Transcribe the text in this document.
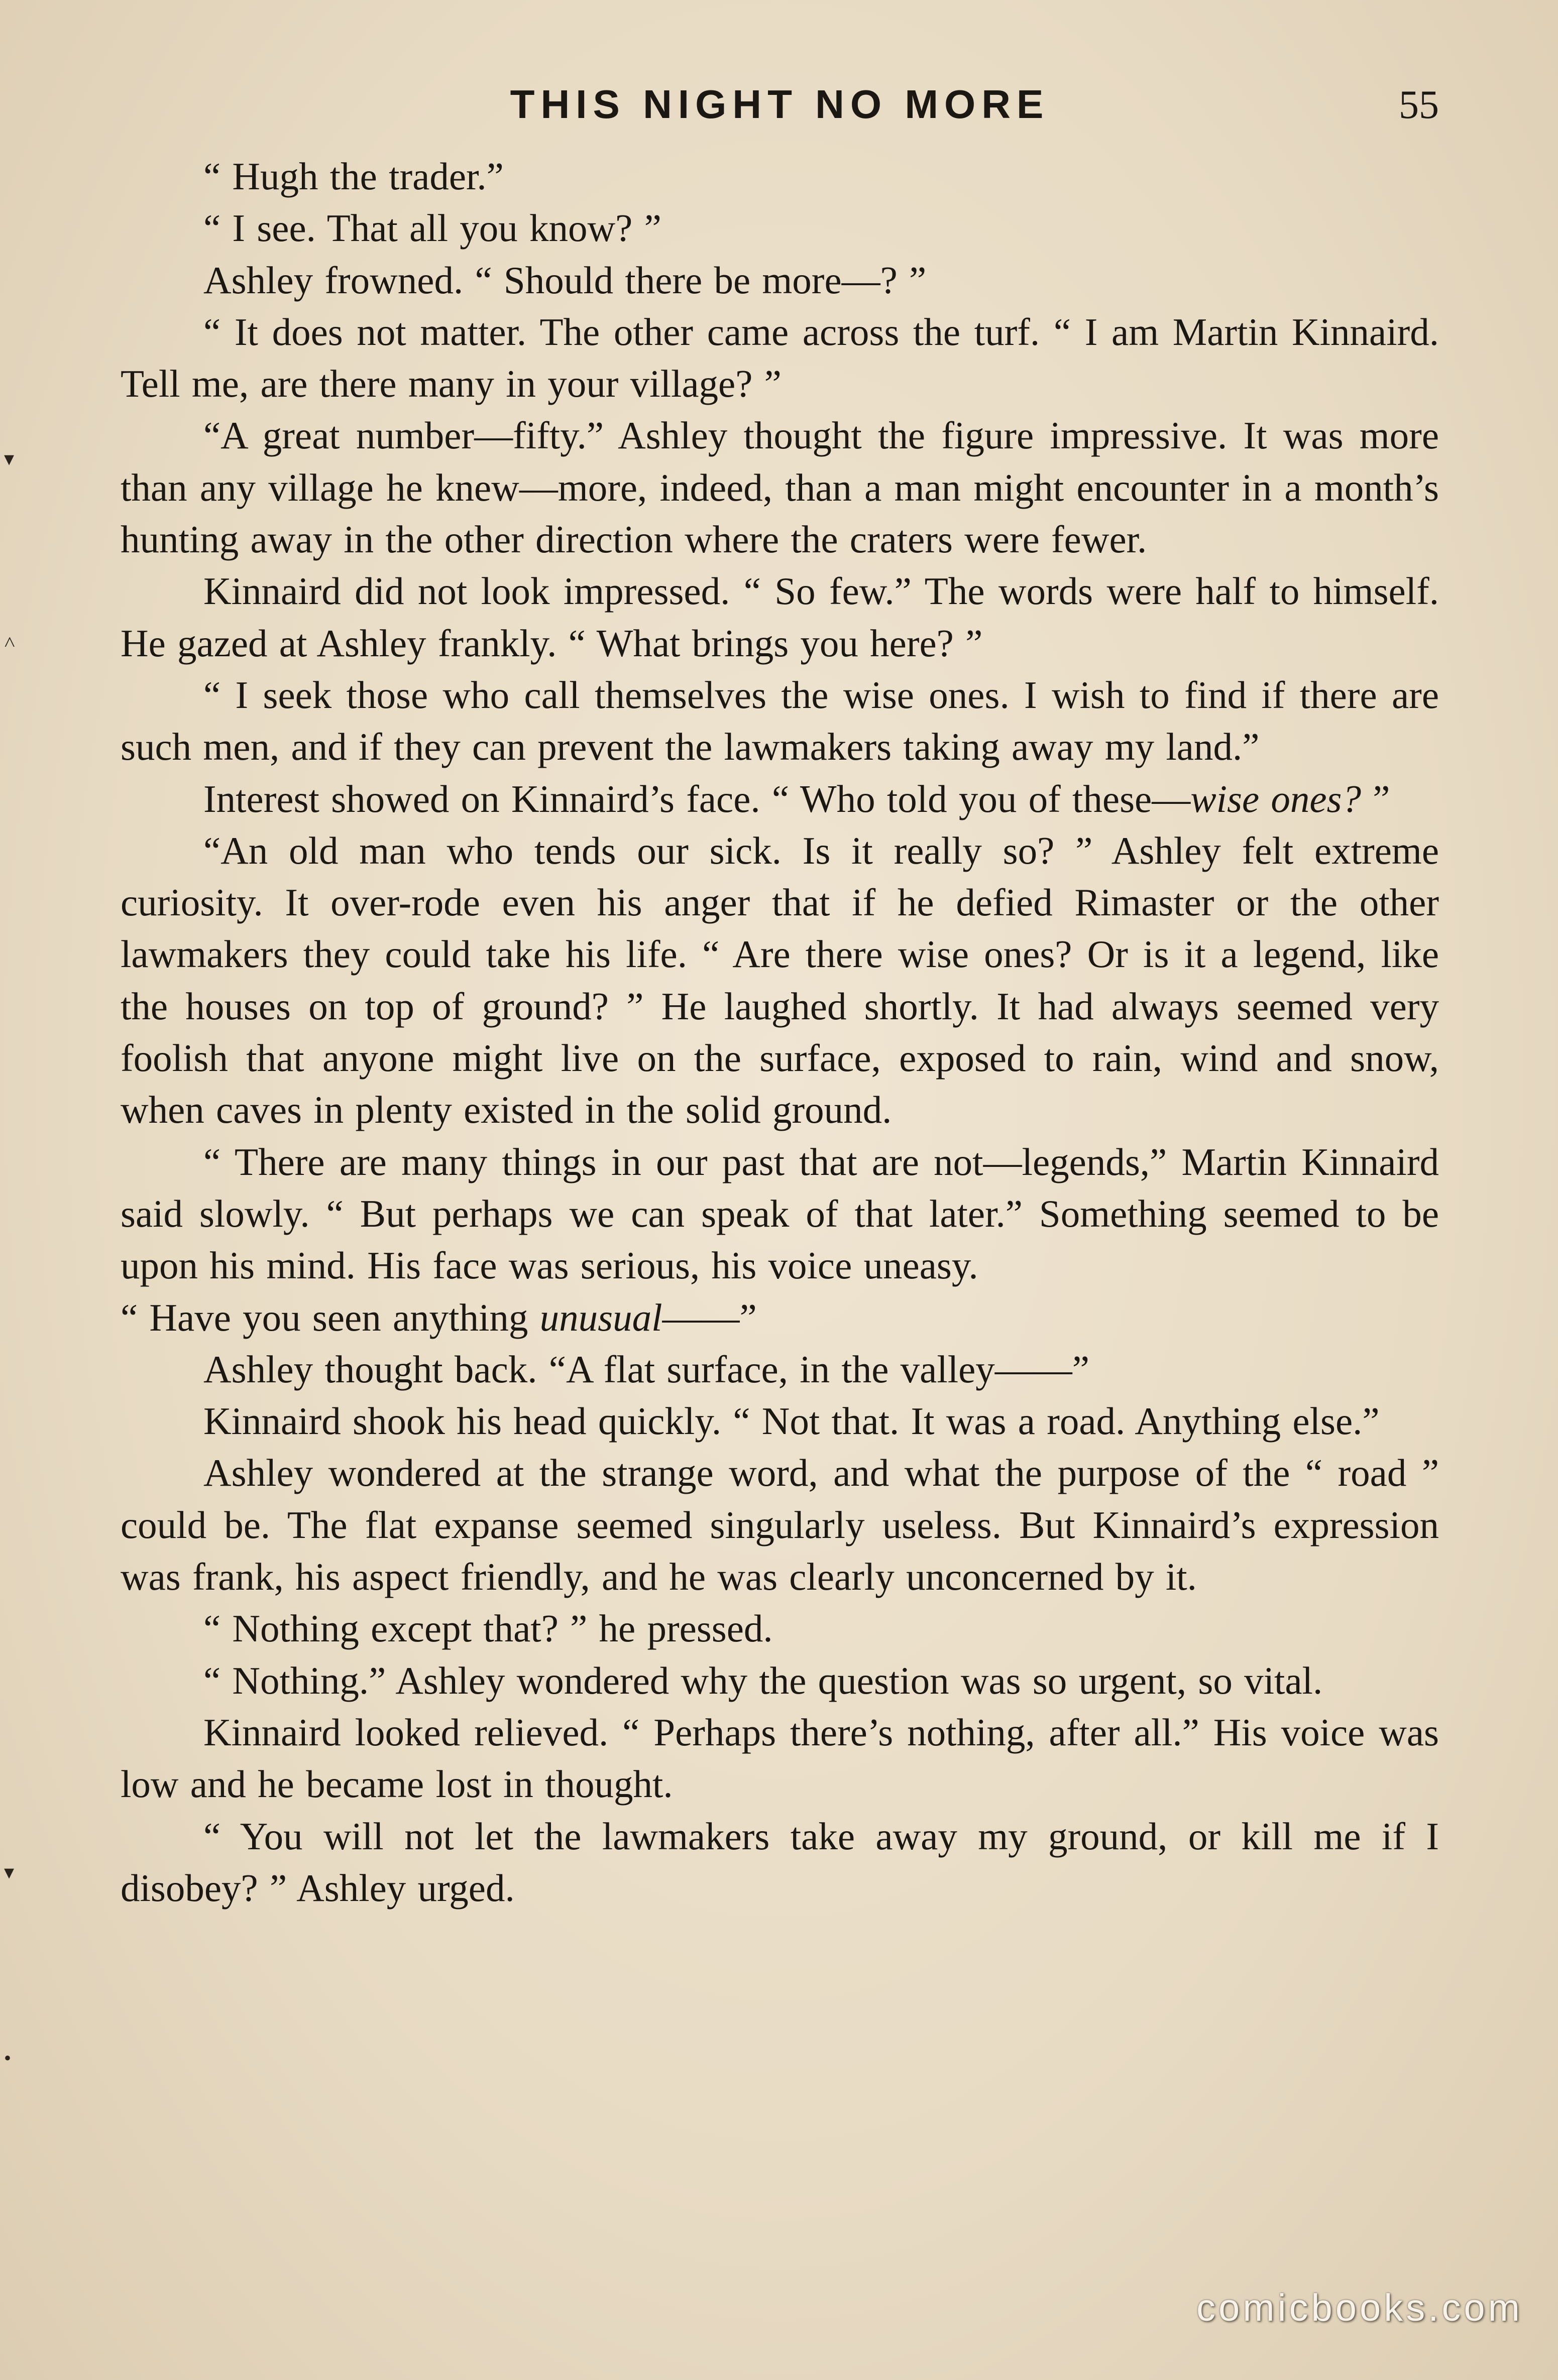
THIS NIGHT NO MORE	55

“ Hugh the trader.”

“ I see. That all you know? ”

Ashley frowned. “ Should there be more—? ”

“ It does not matter. The other came across the turf. “ I am Martin Kinnaird. Tell me, are there many in your village? ”

“A great number—fifty.” Ashley thought the figure impressive. It was more than any village he knew—more, indeed, than a man might encounter in a month’s hunting away in the other direction where the craters were fewer.

Kinnaird did not look impressed. “ So few.” The words were half to himself. He gazed at Ashley frankly. “ What brings you here? ”

“ I seek those who call themselves the wise ones. I wish to find if there are such men, and if they can prevent the lawmakers taking away my land.”

Interest showed on Kinnaird’s face. “ Who told you of these—wise ones? ”

“An old man who tends our sick. Is it really so? ” Ashley felt extreme curiosity. It over-rode even his anger that if he defied Rimaster or the other lawmakers they could take his life. “ Are there wise ones? Or is it a legend, like the houses on top of ground? ” He laughed shortly. It had always seemed very foolish that anyone might live on the surface, exposed to rain, wind and snow, when caves in plenty existed in the solid ground.

“ There are many things in our past that are not—legends,” Martin Kinnaird said slowly. “ But perhaps we can speak of that later.” Something seemed to be upon his mind. His face was serious, his voice uneasy.

“ Have you seen anything unusual——”

Ashley thought back. “A flat surface, in the valley——”

Kinnaird shook his head quickly. “ Not that. It was a road. Anything else.”

Ashley wondered at the strange word, and what the purpose of the “ road ” could be. The flat expanse seemed singularly useless. But Kinnaird’s expression was frank, his aspect friendly, and he was clearly unconcerned by it.

“ Nothing except that? ” he pressed.

“ Nothing.” Ashley wondered why the question was so urgent, so vital.

Kinnaird looked relieved. “ Perhaps there’s nothing, after all.” His voice was low and he became lost in thought.

“ You will not let the lawmakers take away my ground, or kill me if I disobey? ” Ashley urged.

▾
˄
▾
•
comicbooks.com
